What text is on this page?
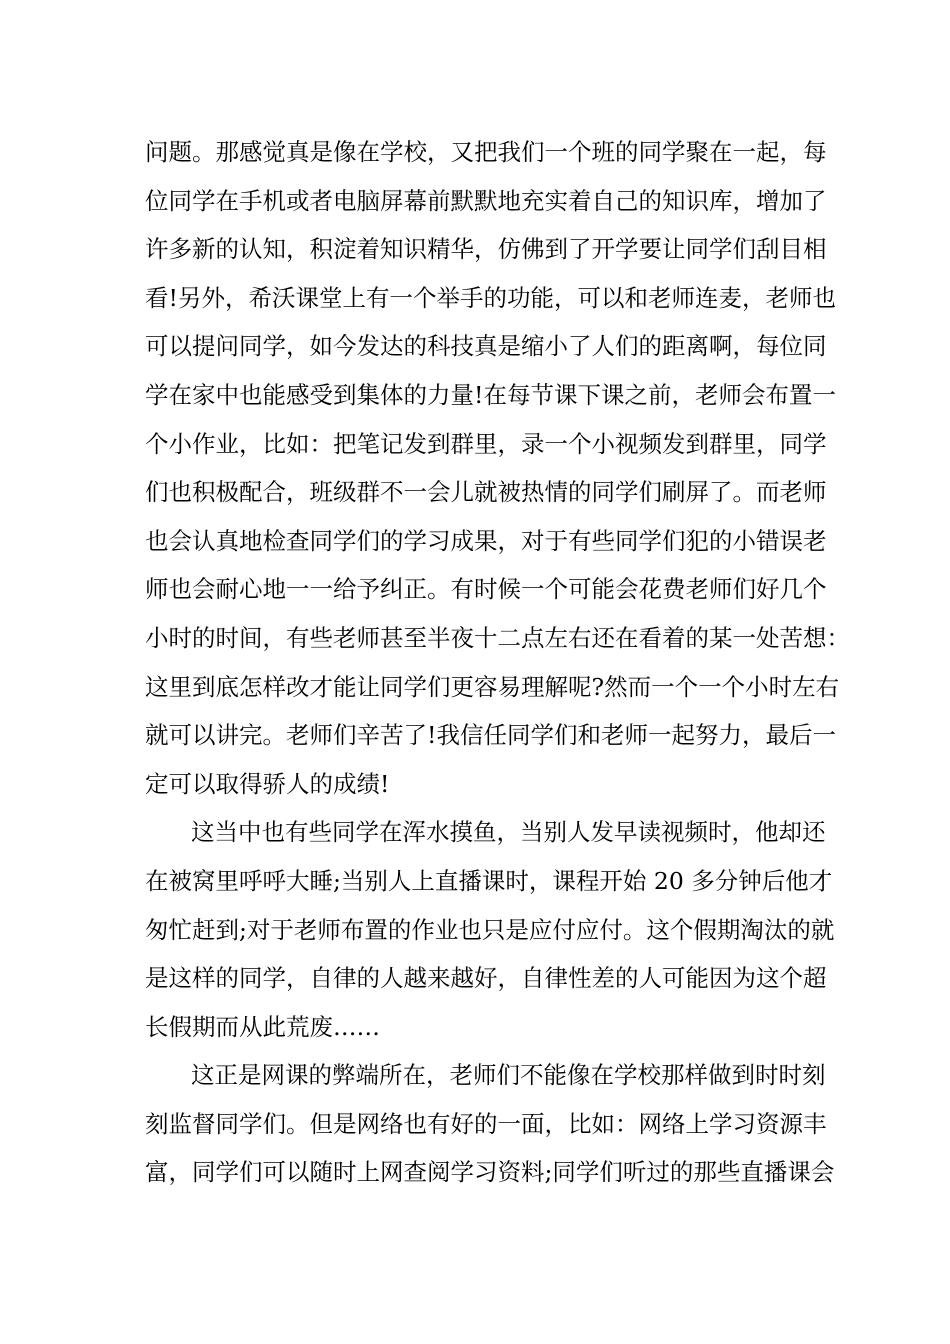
问题。那感觉真是像在学校，又把我们一个班的同学聚在一起，每
位同学在手机或者电脑屏幕前默默地充实着自己的知识库，增加了
许多新的认知，积淀着知识精华，仿佛到了开学要让同学们刮目相
看!另外，希沃课堂上有一个举手的功能，可以和老师连麦，老师也
可以提问同学，如今发达的科技真是缩小了人们的距离啊，每位同
学在家中也能感受到集体的力量!在每节课下课之前，老师会布置一
个小作业，比如：把笔记发到群里，录一个小视频发到群里，同学
们也积极配合，班级群不一会儿就被热情的同学们刷屏了。而老师
也会认真地检查同学们的学习成果，对于有些同学们犯的小错误老
师也会耐心地一一给予纠正。有时候一个可能会花费老师们好几个
小时的时间，有些老师甚至半夜十二点左右还在看着的某一处苦想：
这里到底怎样改才能让同学们更容易理解呢?然而一个一个小时左右
就可以讲完。老师们辛苦了!我信任同学们和老师一起努力，最后一
定可以取得骄人的成绩!
这当中也有些同学在浑水摸鱼，当别人发早读视频时，他却还
在被窝里呼呼大睡;当别人上直播课时，课程开始 20 多分钟后他才
匆忙赶到;对于老师布置的作业也只是应付应付。这个假期淘汰的就
是这样的同学，自律的人越来越好，自律性差的人可能因为这个超
长假期而从此荒废……
这正是网课的弊端所在，老师们不能像在学校那样做到时时刻
刻监督同学们。但是网络也有好的一面，比如：网络上学习资源丰
富，同学们可以随时上网查阅学习资料;同学们听过的那些直播课会
